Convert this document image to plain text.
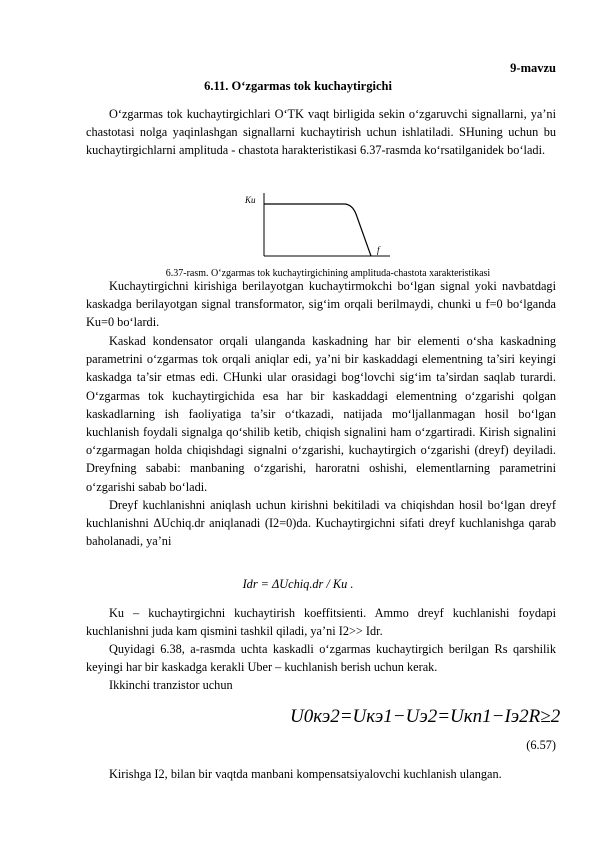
9-mavzu
6.11. O‘zgarmas tok kuchaytirgichi

O‘zgarmas tok kuchaytirgichlari O‘TK vaqt birligida sekin o‘zgaruvchi signallarni, ya’ni chastotasi nolga yaqinlashgan signallarni kuchaytirish uchun ishlatiladi. SHuning uchun bu kuchaytirgichlarni amplituda - chastota harakteristikasi 6.37-rasmda ko‘rsatilganidek bo‘ladi.

Ku
f
6.37-rasm. O‘zgarmas tok kuchaytirgichining amplituda-chastota xarakteristikasi

Kuchaytirgichni kirishiga berilayotgan kuchaytirmokchi bo‘lgan signal yoki navbatdagi kaskadga berilayotgan signal transformator, sig‘im orqali berilmaydi, chunki u f=0 bo‘lganda Ku=0 bo‘lardi.

Kaskad kondensator orqali ulanganda kaskadning har bir elementi o‘sha kaskadning parametrini o‘zgarmas tok orqali aniqlar edi, ya’ni bir kaskaddagi elementning ta’siri keyingi kaskadga ta’sir etmas edi. CHunki ular orasidagi bog‘lovchi sig‘im ta’sirdan saqlab turardi. O‘zgarmas tok kuchaytirgichida esa har bir kaskaddagi elementning o‘zgarishi qolgan kaskadlarning ish faoliyatiga ta’sir o‘tkazadi, natijada mo‘ljallanmagan hosil bo‘lgan kuchlanish foydali signalga qo‘shilib ketib, chiqish signalini ham o‘zgartiradi. Kirish signalini o‘zgarmagan holda chiqishdagi signalni o‘zgarishi, kuchaytirgich o‘zgarishi (dreyf) deyiladi. Dreyfning sababi: manbaning o‘zgarishi, haroratni oshishi, elementlarning parametrini o‘zgarishi sabab bo‘ladi.

Dreyf kuchlanishni aniqlash uchun kirishni bekitiladi va chiqishdan hosil bo‘lgan dreyf kuchlanishni ΔUchiq.dr aniqlanadi (I2=0)da. Kuchaytirgichni sifati dreyf kuchlanishga qarab baholanadi, ya’ni

Idr = ΔUchiq.dr / Ku .

Ku – kuchaytirgichni kuchaytirish koeffitsienti. Ammo dreyf kuchlanishi foydapi kuchlanishni juda kam qismini tashkil qiladi, ya’ni I2>> Idr.

Quyidagi 6.38, a-rasmda uchta kaskadli o‘zgarmas kuchaytirgich berilgan Rs qarshilik keyingi har bir kaskadga kerakli Uber – kuchlanish berish uchun kerak.

Ikkinchi tranzistor uchun

U0кэ2=Uкэ1−Uэ2=Uкп1−Iэ2R≥2
(6.57)

Kirishga I2, bilan bir vaqtda manbani kompensatsiyalovchi kuchlanish ulangan.
